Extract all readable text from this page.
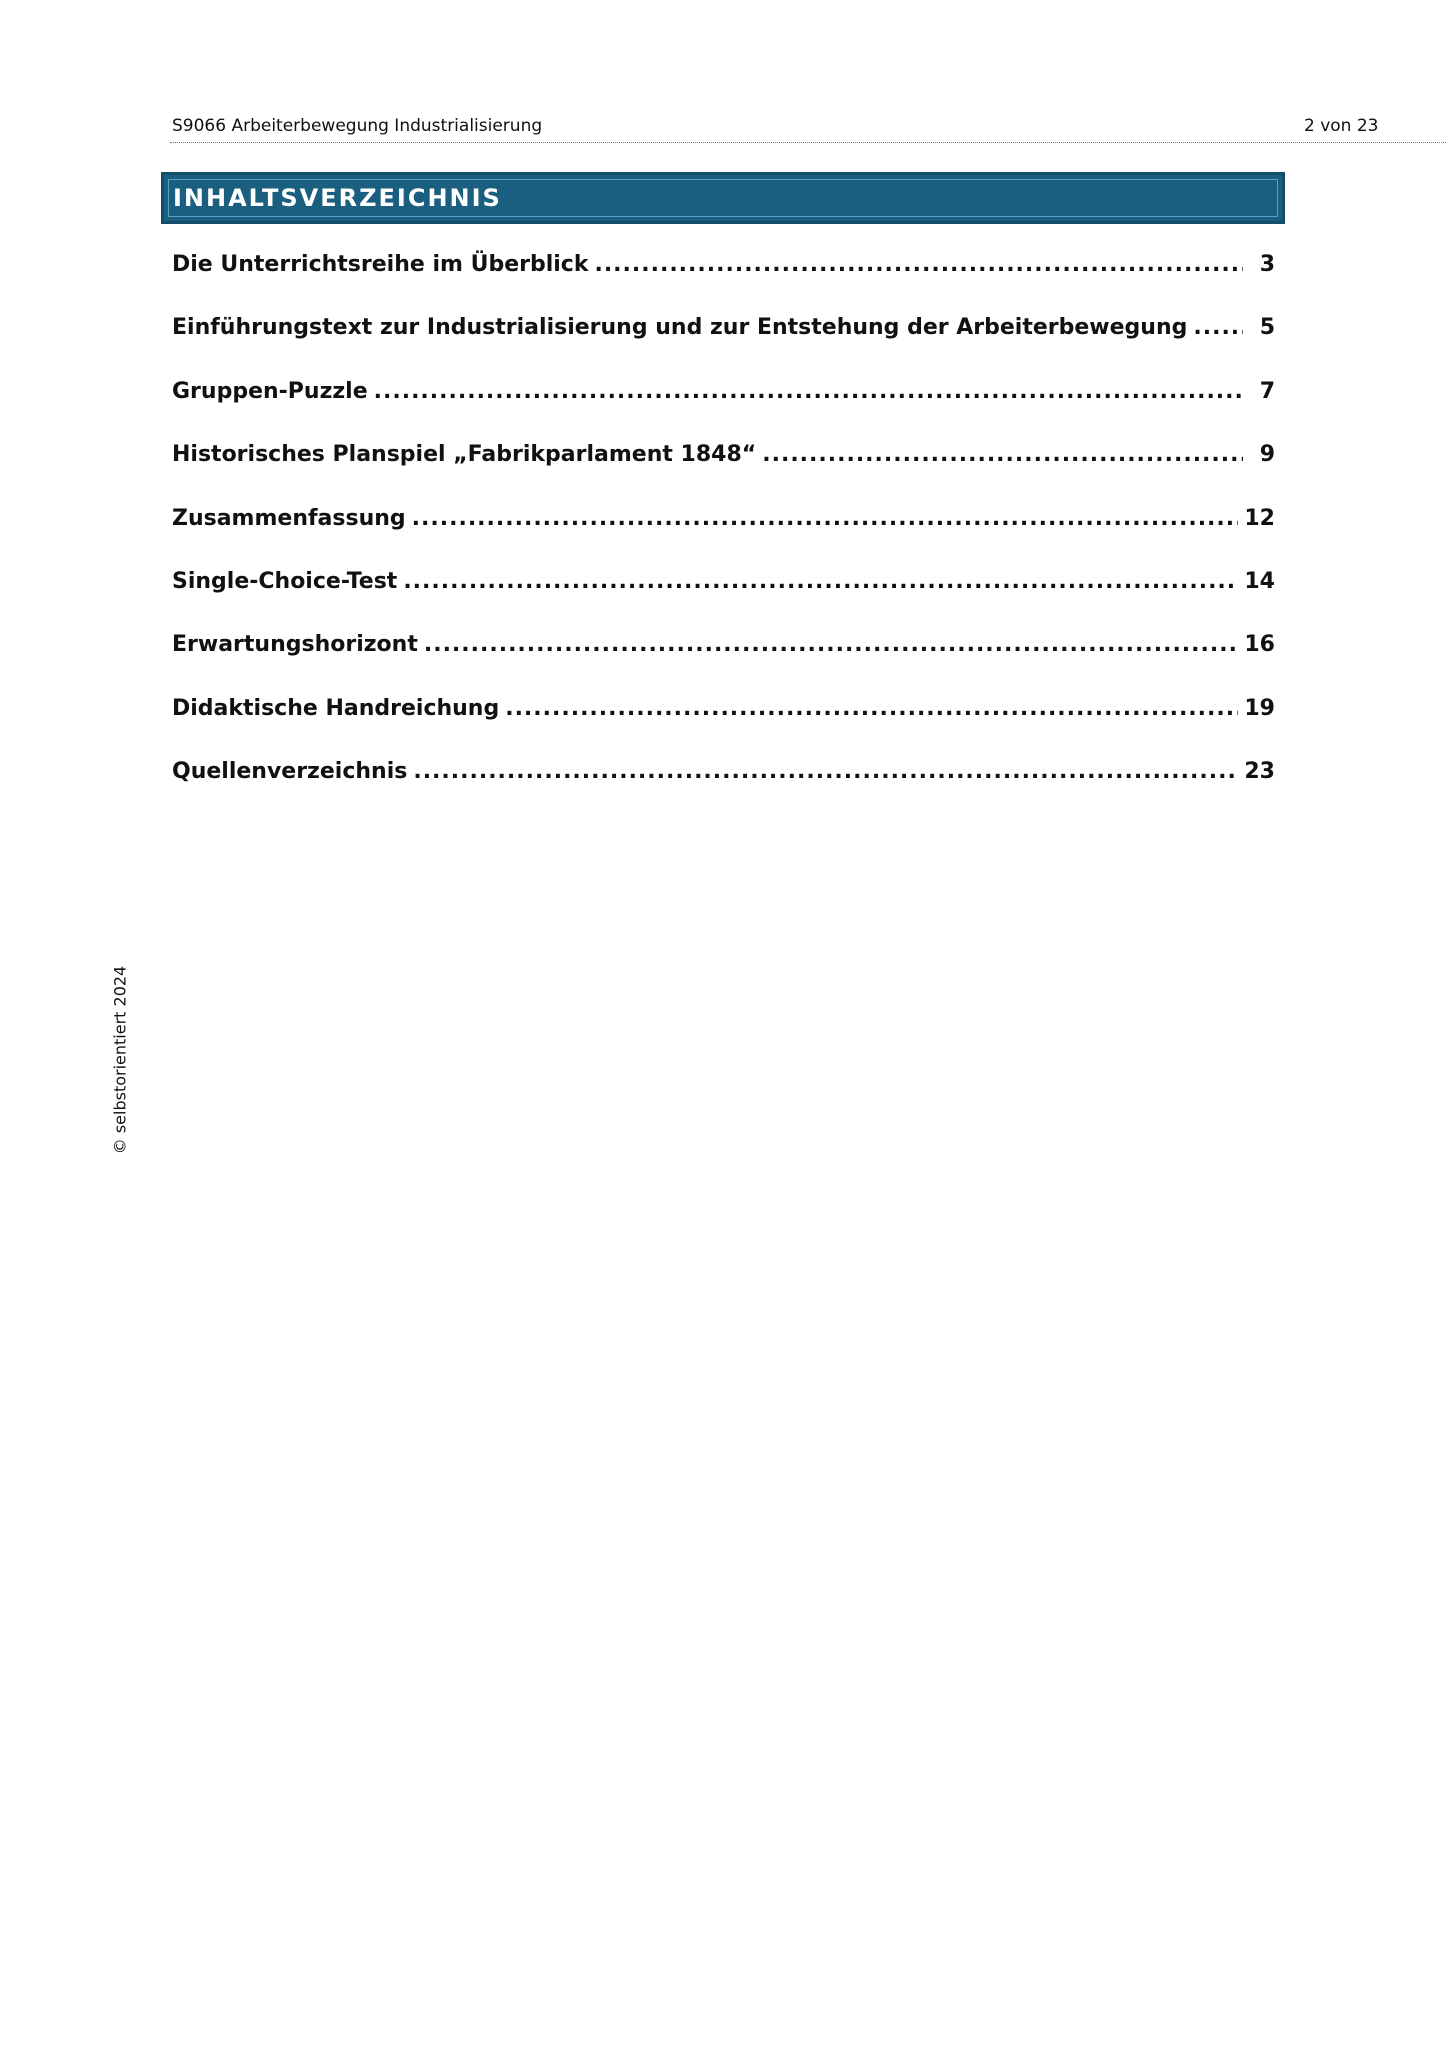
S9066 Arbeiterbewegung Industrialisierung	2 von 23
INHALTSVERZEICHNIS
Die Unterrichtsreihe im Überblick .....	3
Einführungstext zur Industrialisierung und zur Entstehung der Arbeiterbewegung .....	5
Gruppen-Puzzle .....	7
Historisches Planspiel „Fabrikparlament 1848“ .....	9
Zusammenfassung .....	12
Single-Choice-Test .....	14
Erwartungshorizont .....	16
Didaktische Handreichung .....	19
Quellenverzeichnis .....	23
© selbstorientiert 2024
